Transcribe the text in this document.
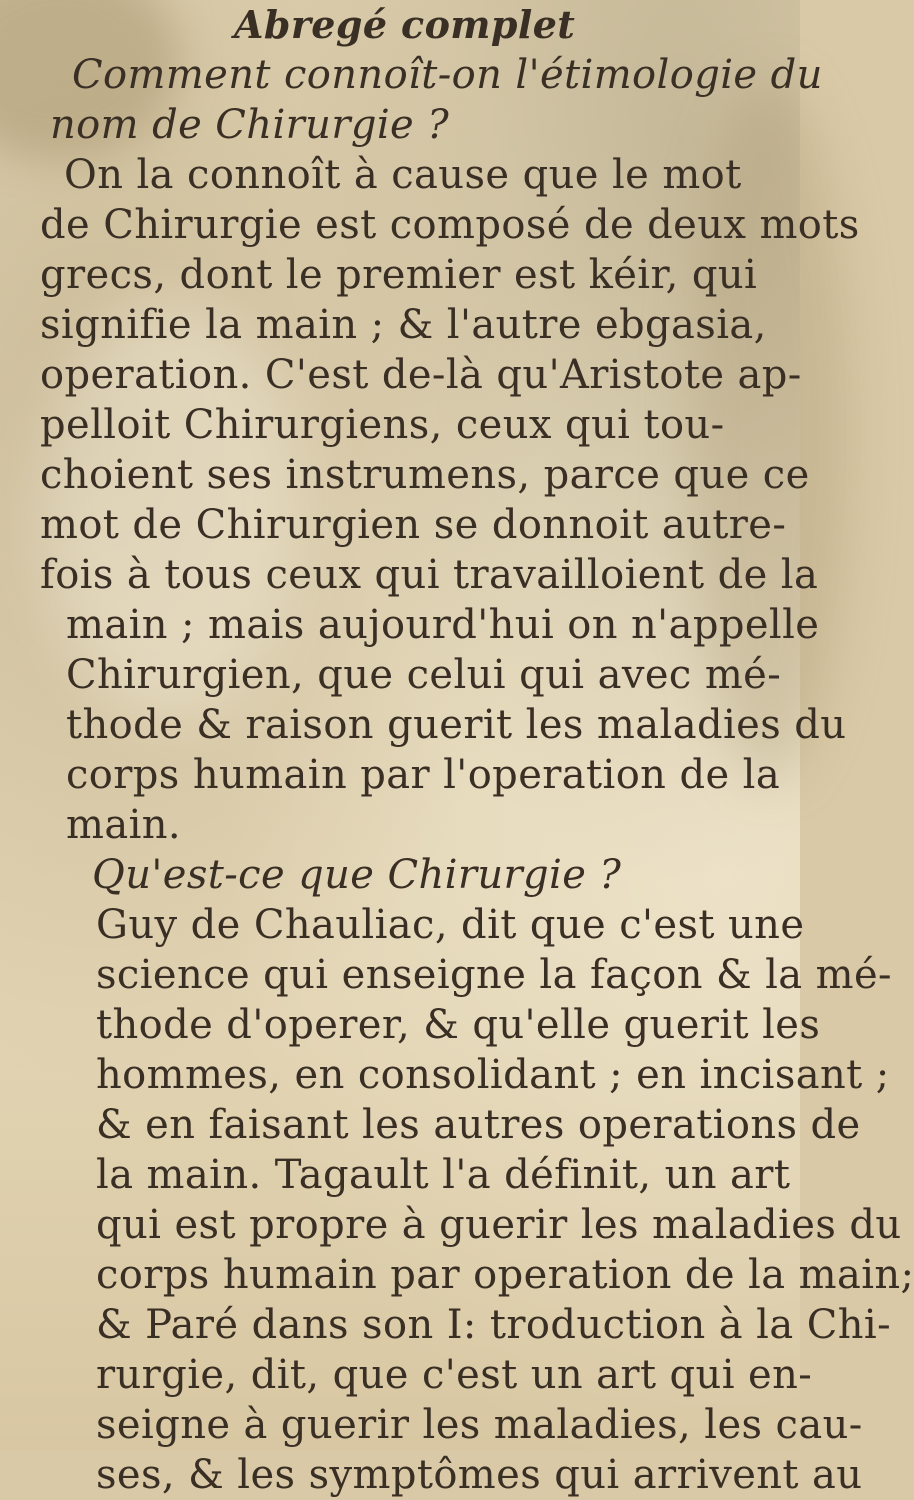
Abregé complet
Comment connoît-on l'étimologie du
nom de Chirurgie ?
On la connoît à cause que le mot
de Chirurgie est composé de deux mots
grecs, dont le premier est kéir, qui
signifie la main ; & l'autre ebgasia,
operation. C'est de-là qu'Aristote ap-
pelloit Chirurgiens, ceux qui tou-
choient ses instrumens, parce que ce
mot de Chirurgien se donnoit autre-
fois à tous ceux qui travailloient de la
main ; mais aujourd'hui on n'appelle
Chirurgien, que celui qui avec mé-
thode & raison guerit les maladies du
corps humain par l'operation de la
main.
Qu'est-ce que Chirurgie ?
Guy de Chauliac, dit que c'est une
science qui enseigne la façon & la mé-
thode d'operer, & qu'elle guerit les
hommes, en consolidant ; en incisant ;
& en faisant les autres operations de
la main. Tagault l'a définit, un art
qui est propre à guerir les maladies du
corps humain par operation de la main;
& Paré dans son I: troduction à la Chi-
rurgie, dit, que c'est un art qui en-
seigne à guerir les maladies, les cau-
ses, & les symptômes qui arrivent au
